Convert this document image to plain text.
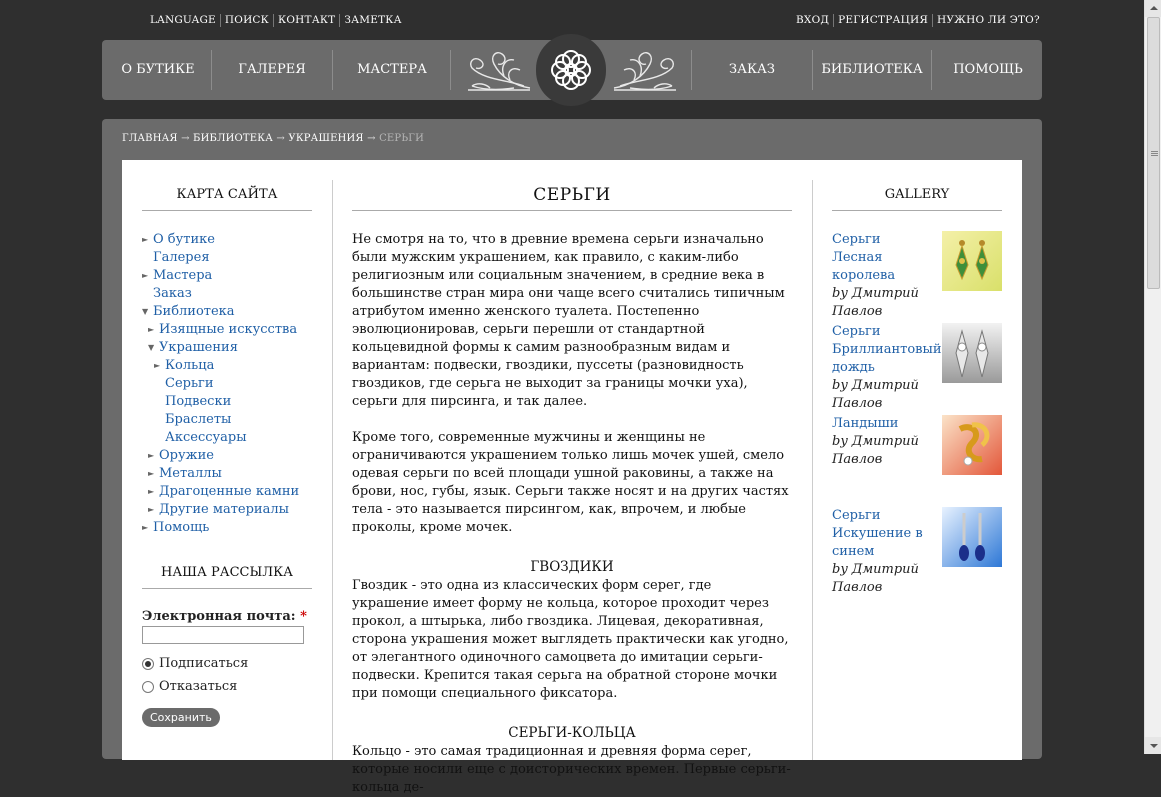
LANGUAGE ПОИСК КОНТАКТ ЗАМЕТКА	ВХОД РЕГИСТРАЦИЯ НУЖНО ЛИ ЭТО?
О БУТИКЕ	ГАЛЕРЕЯ	МАСТЕРА	ЗАКАЗ	БИБЛИОТЕКА	ПОМОЩЬ
ГЛАВНАЯ → БИБЛИОТЕКА → УКРАШЕНИЯ → СЕРЬГИ
КАРТА САЙТА
► О бутике
Галерея
► Мастера
Заказ
▼ Библиотека
► Изящные искусства
▼ Украшения
► Кольца
Серьги
Подвески
Браслеты
Аксессуары
► Оружие
► Металлы
► Драгоценные камни
► Другие материалы
► Помощь
НАША РАССЫЛКА
Электронная почта: *
Подписаться
Отказаться
Сохранить
СЕРЬГИ
Не смотря на то, что в древние времена серьги изначально были мужским украшением, как правило, с каким-либо религиозным или социальным значением, в средние века в большинстве стран мира они чаще всего считались типичным атрибутом именно женского туалета. Постепенно эволюционировав, серьги перешли от стандартной кольцевидной формы к самим разнообразным видам и вариантам: подвески, гвоздики, пуссеты (разновидность гвоздиков, где серьга не выходит за границы мочки уха), серьги для пирсинга, и так далее.
Кроме того, современные мужчины и женщины не ограничиваются украшением только лишь мочек ушей, смело одевая серьги по всей площади ушной раковины, а также на брови, нос, губы, язык. Серьги также носят и на других частях тела - это называется пирсингом, как, впрочем, и любые проколы, кроме мочек.
ГВОЗДИКИ
Гвоздик - это одна из классических форм серег, где украшение имеет форму не кольца, которое проходит через прокол, а штырька, либо гвоздика. Лицевая, декоративная, сторона украшения может выглядеть практически как угодно, от элегантного одиночного самоцвета до имитации серьги-подвески. Крепится такая серьга на обратной стороне мочки при помощи специального фиксатора.
СЕРЬГИ-КОЛЬЦА
Кольцо - это самая традиционная и древняя форма серег, которые носили еще с доисторических времен. Первые серьги-кольца де-
GALLERY
Серьги Лесная королева
by Дмитрий Павлов
Серьги Бриллиантовый дождь
by Дмитрий Павлов
Ландыши
by Дмитрий Павлов
Серьги Искушение в синем
by Дмитрий Павлов
